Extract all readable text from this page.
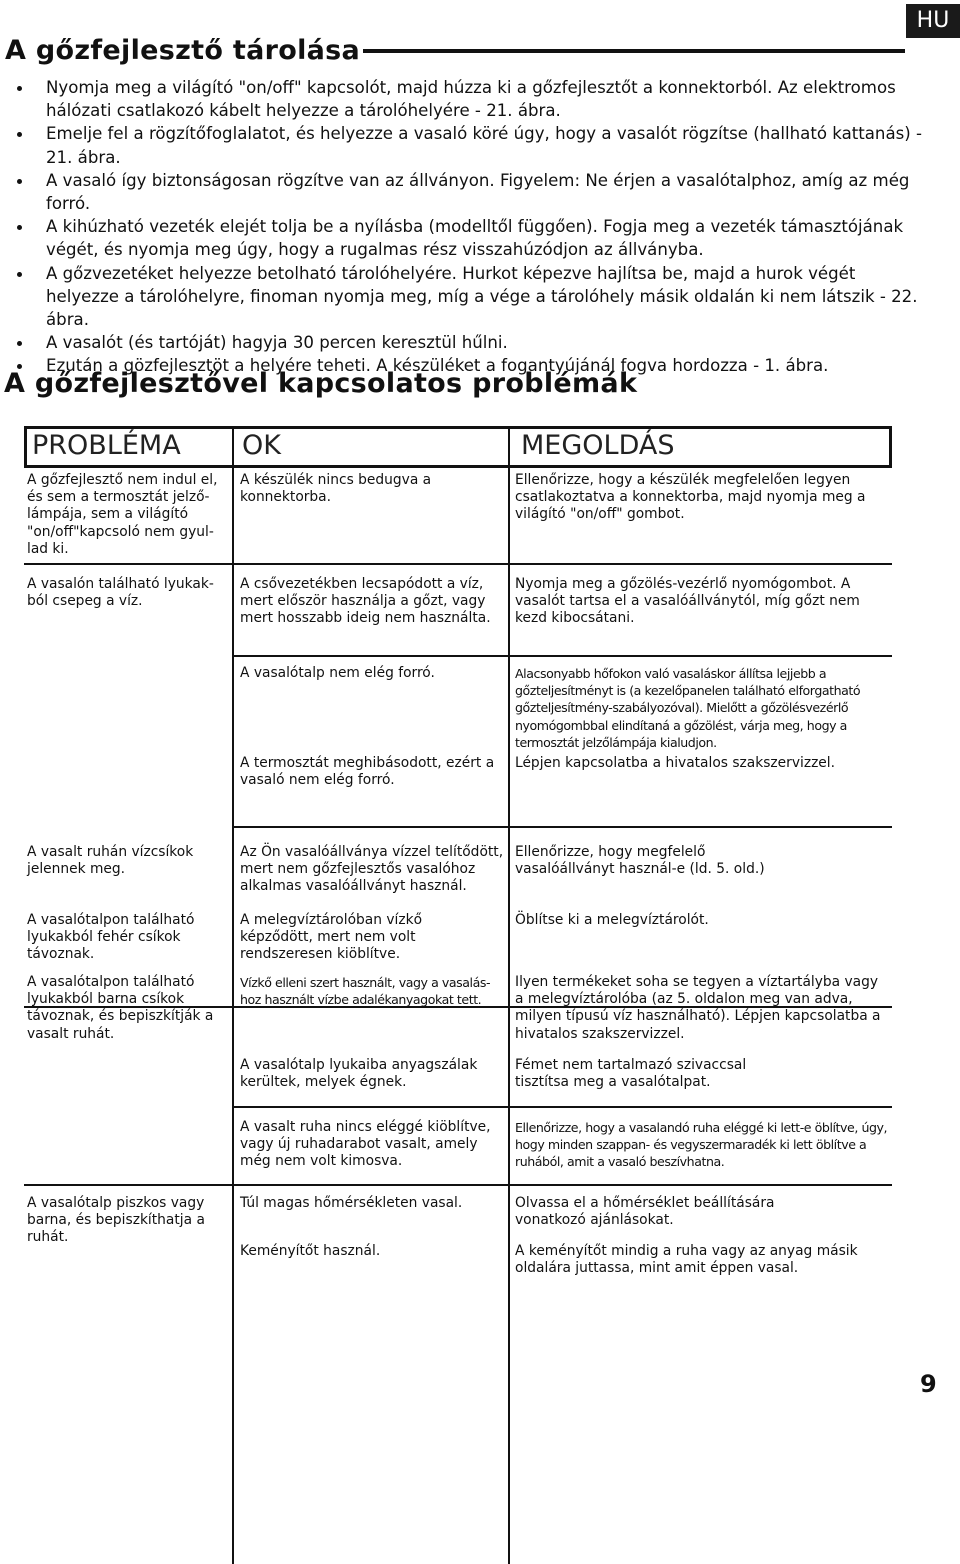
HU
A gőzfejlesztő tárolása
Nyomja meg a világító "on/off" kapcsolót, majd húzza ki a gőzfejlesztőt a konnektorból. Az elektromos hálózati csatlakozó kábelt helyezze a tárolóhelyére - 21. ábra.
Emelje fel a rögzítőfoglalatot, és helyezze a vasaló köré úgy, hogy a vasalót rögzítse (hallható kattanás) - 21. ábra.
A vasaló így biztonságosan rögzítve van az állványon. Figyelem: Ne érjen a vasalótalphoz, amíg az még forró.
A kihúzható vezeték elejét tolja be a nyílásba (modelltől függően). Fogja meg a vezeték támasztójának végét, és nyomja meg úgy, hogy a rugalmas rész visszahúzódjon az állványba.
A gőzvezetéket helyezze betolható tárolóhelyére. Hurkot képezve hajlítsa be, majd a hurok végét helyezze a tárolóhelyre, finoman nyomja meg, míg a vége a tárolóhely másik oldalán ki nem látszik - 22. ábra.
A vasalót (és tartóját) hagyja 30 percen keresztül hűlni.
Ezután a gözfejlesztöt a helyére teheti. A készüléket a fogantyújánál fogva hordozza - 1. ábra.
A gőzfejlesztővel kapcsolatos problémák
PROBLÉMA OK	MEGOLDÁS
A gőzfejlesztő nem indul el, és sem a termosztát jelzőlámpája, sem a világító "on/off"kapcsoló nem gyullad ki.
A vasalón található lyukakból csepeg a víz.
A vasalt ruhán vízcsíkok jelennek meg.
A vasalótalpon található lyukakból fehér csíkok távoznak.
A vasalótalpon található lyukakból barna csíkok távoznak, és bepiszkítják a vasalt ruhát.
A vasalótalp piszkos vagy barna, és bepiszkíthatja a ruhát.
A készülék nincs bedugva a konnektorba.
A csővezetékben lecsapódott a víz, mert először használja a gőzt, vagy mert hosszabb ideig nem használta.
A vasalótalp nem elég forró.
A termosztát meghibásodott, ezért a vasaló nem elég forró.
Az Ön vasalóállványa vízzel telítődött, mert nem gőzfejlesztős vasalóhoz alkalmas vasalóállványt használ.
A melegvíztárolóban vízkő képződött, mert nem volt rendszeresen kiöblítve.
Vízkő elleni szert használt, vagy a vasaláshoz használt vízbe adalékanyagokat tett.
A vasalótalp lyukaiba anyagszálak kerültek, melyek égnek.
A vasalt ruha nincs eléggé kiöblítve, vagy új ruhadarabot vasalt, amely még nem volt kimosva.
Túl magas hőmérsékleten vasal.
Keményítőt használ.
Ellenőrizze, hogy a készülék megfelelően legyen csatlakoztatva a konnektorba, majd nyomja meg a világító "on/off" gombot.
Nyomja meg a gőzölés-vezérlő nyomógombot. A vasalót tartsa el a vasalóállványtól, míg gőzt nem kezd kibocsátani.
Alacsonyabb hőfokon való vasaláskor állítsa lejjebb a gőzteljesítményt is (a kezelőpanelen található elforgatható gőzteljesítmény-szabályozóval). Mielőtt a gőzölésvezérlő nyomógombbal elindítaná a gőzölést, várja meg, hogy a termosztát jelzőlámpája kialudjon.
Lépjen kapcsolatba a hivatalos szakszervizzel.
Ellenőrizze, hogy megfelelő vasalóállványt használ-e (ld. 5. old.)
Öblítse ki a melegvíztárolót.
Ilyen termékeket soha se tegyen a víztartályba vagy a melegvíztárolóba (az 5. oldalon meg van adva, milyen típusú víz használható). Lépjen kapcsolatba a hivatalos szakszervizzel.
Fémet nem tartalmazó szivaccsal tisztítsa meg a vasalótalpat.
Ellenőrizze, hogy a vasalandó ruha eléggé ki lett-e öblítve, úgy, hogy minden szappan- és vegyszermaradék ki lett öblítve a ruhából, amit a vasaló beszívhatna.
Olvassa el a hőmérséklet beállítására vonatkozó ajánlásokat.
A keményítőt mindig a ruha vagy az anyag másik oldalára juttassa, mint amit éppen vasal.
9
